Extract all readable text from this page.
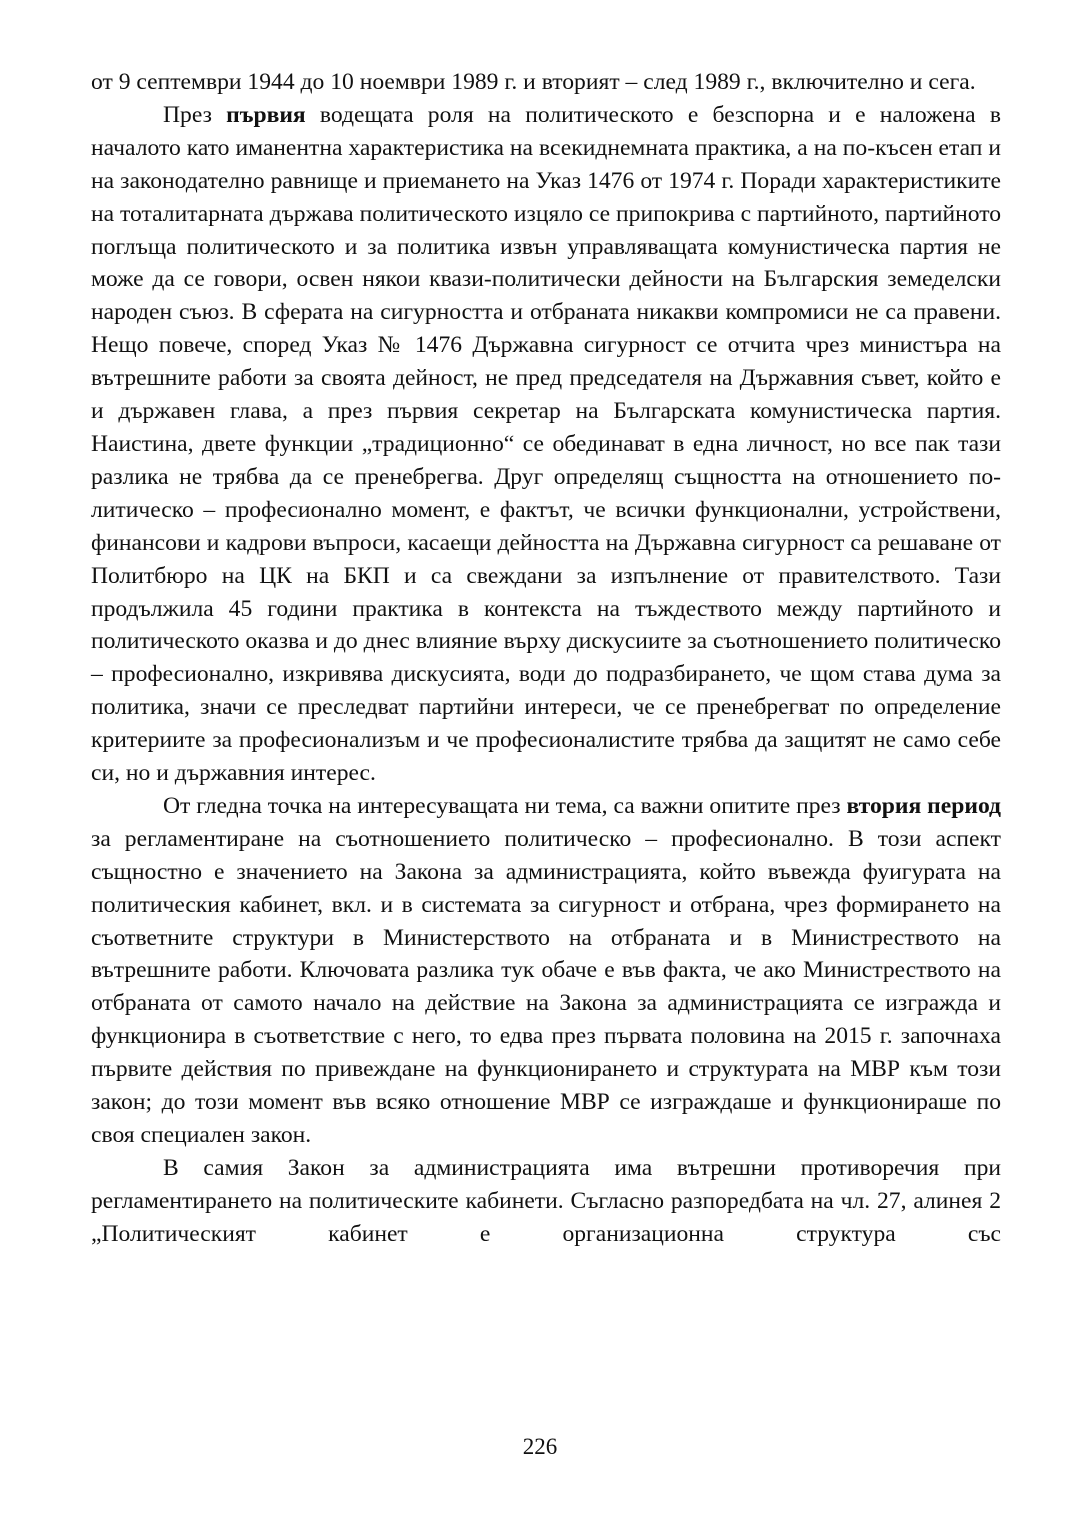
от 9 септември 1944 до 10 ноември 1989 г. и вторият – след 1989 г., включително и сега.

През първия водещата роля на политическото е безспорна и е наложена в началото като иманентна характеристика на всекиднемната практика, а на по-късен етап и на законодателно равнище и приемането на Указ 1476 от 1974 г. Поради характеристиките на тоталитарната държава политическото изцяло се припокрива с партийното, партийното поглъща политическото и за политика извън управляващата комунистическа партия не може да се говори, освен някои квази-политически дейности на Българския земеделски народен съюз. В сферата на сигурността и отбраната никакви компромиси не са правени. Нещо повече, според Указ № 1476 Държавна сигурност се отчита чрез министъра на вътрешните работи за своята дейност, не пред председателя на Държавния съвет, който е и държавен глава, а през първия секретар на Българската комунистическа партия. Наистина, двете функции „традиционно“ се обединават в една личност, но все пак тази разлика не трябва да се пренебрегва. Друг определящ същността на отношението политическо – професионално момент, е фактът, че всички функционални, устройствени, финансови и кадрови въпроси, касаещи дейността на Държавна сигурност са решаване от Политбюро на ЦК на БКП и са свеждани за изпълнение от правителството. Тази продължила 45 години практика в контекста на тъждеството между партийното и политическото оказва и до днес влияние върху дискусиите за съотношението политическо – професионално, изкривява дискусията, води до подразбирането, че щом става дума за политика, значи се преследват партийни интереси, че се пренебрегват по определение критериите за професионализъм и че професионалистите трябва да защитят не само себе си, но и държавния интерес.

От гледна точка на интересуващата ни тема, са важни опитите през втория период за регламентиране на съотношението политическо – професионално. В този аспект същностно е значението на Закона за администрацията, който въвежда фуигурата на политическия кабинет, вкл. и в системата за сигурност и отбрана, чрез формирането на съответните структури в Министерството на отбраната и в Министреството на вътрешните работи. Ключовата разлика тук обаче е във факта, че ако Министреството на отбраната от самото начало на действие на Закона за администрацията се изгражда и функционира в съответствие с него, то едва през първата половина на 2015 г. започнаха първите действия по привеждане на функционирането и структурата на МВР към този закон; до този момент във всяко отношение МВР се изграждаше и функционираше по своя специален закон.

В самия Закон за администрацията има вътрешни противоречия при регламентирането на политическите кабинети. Съгласно разпоредбата на чл. 27, алинея 2 „Политическият кабинет е организационна структура със

226
